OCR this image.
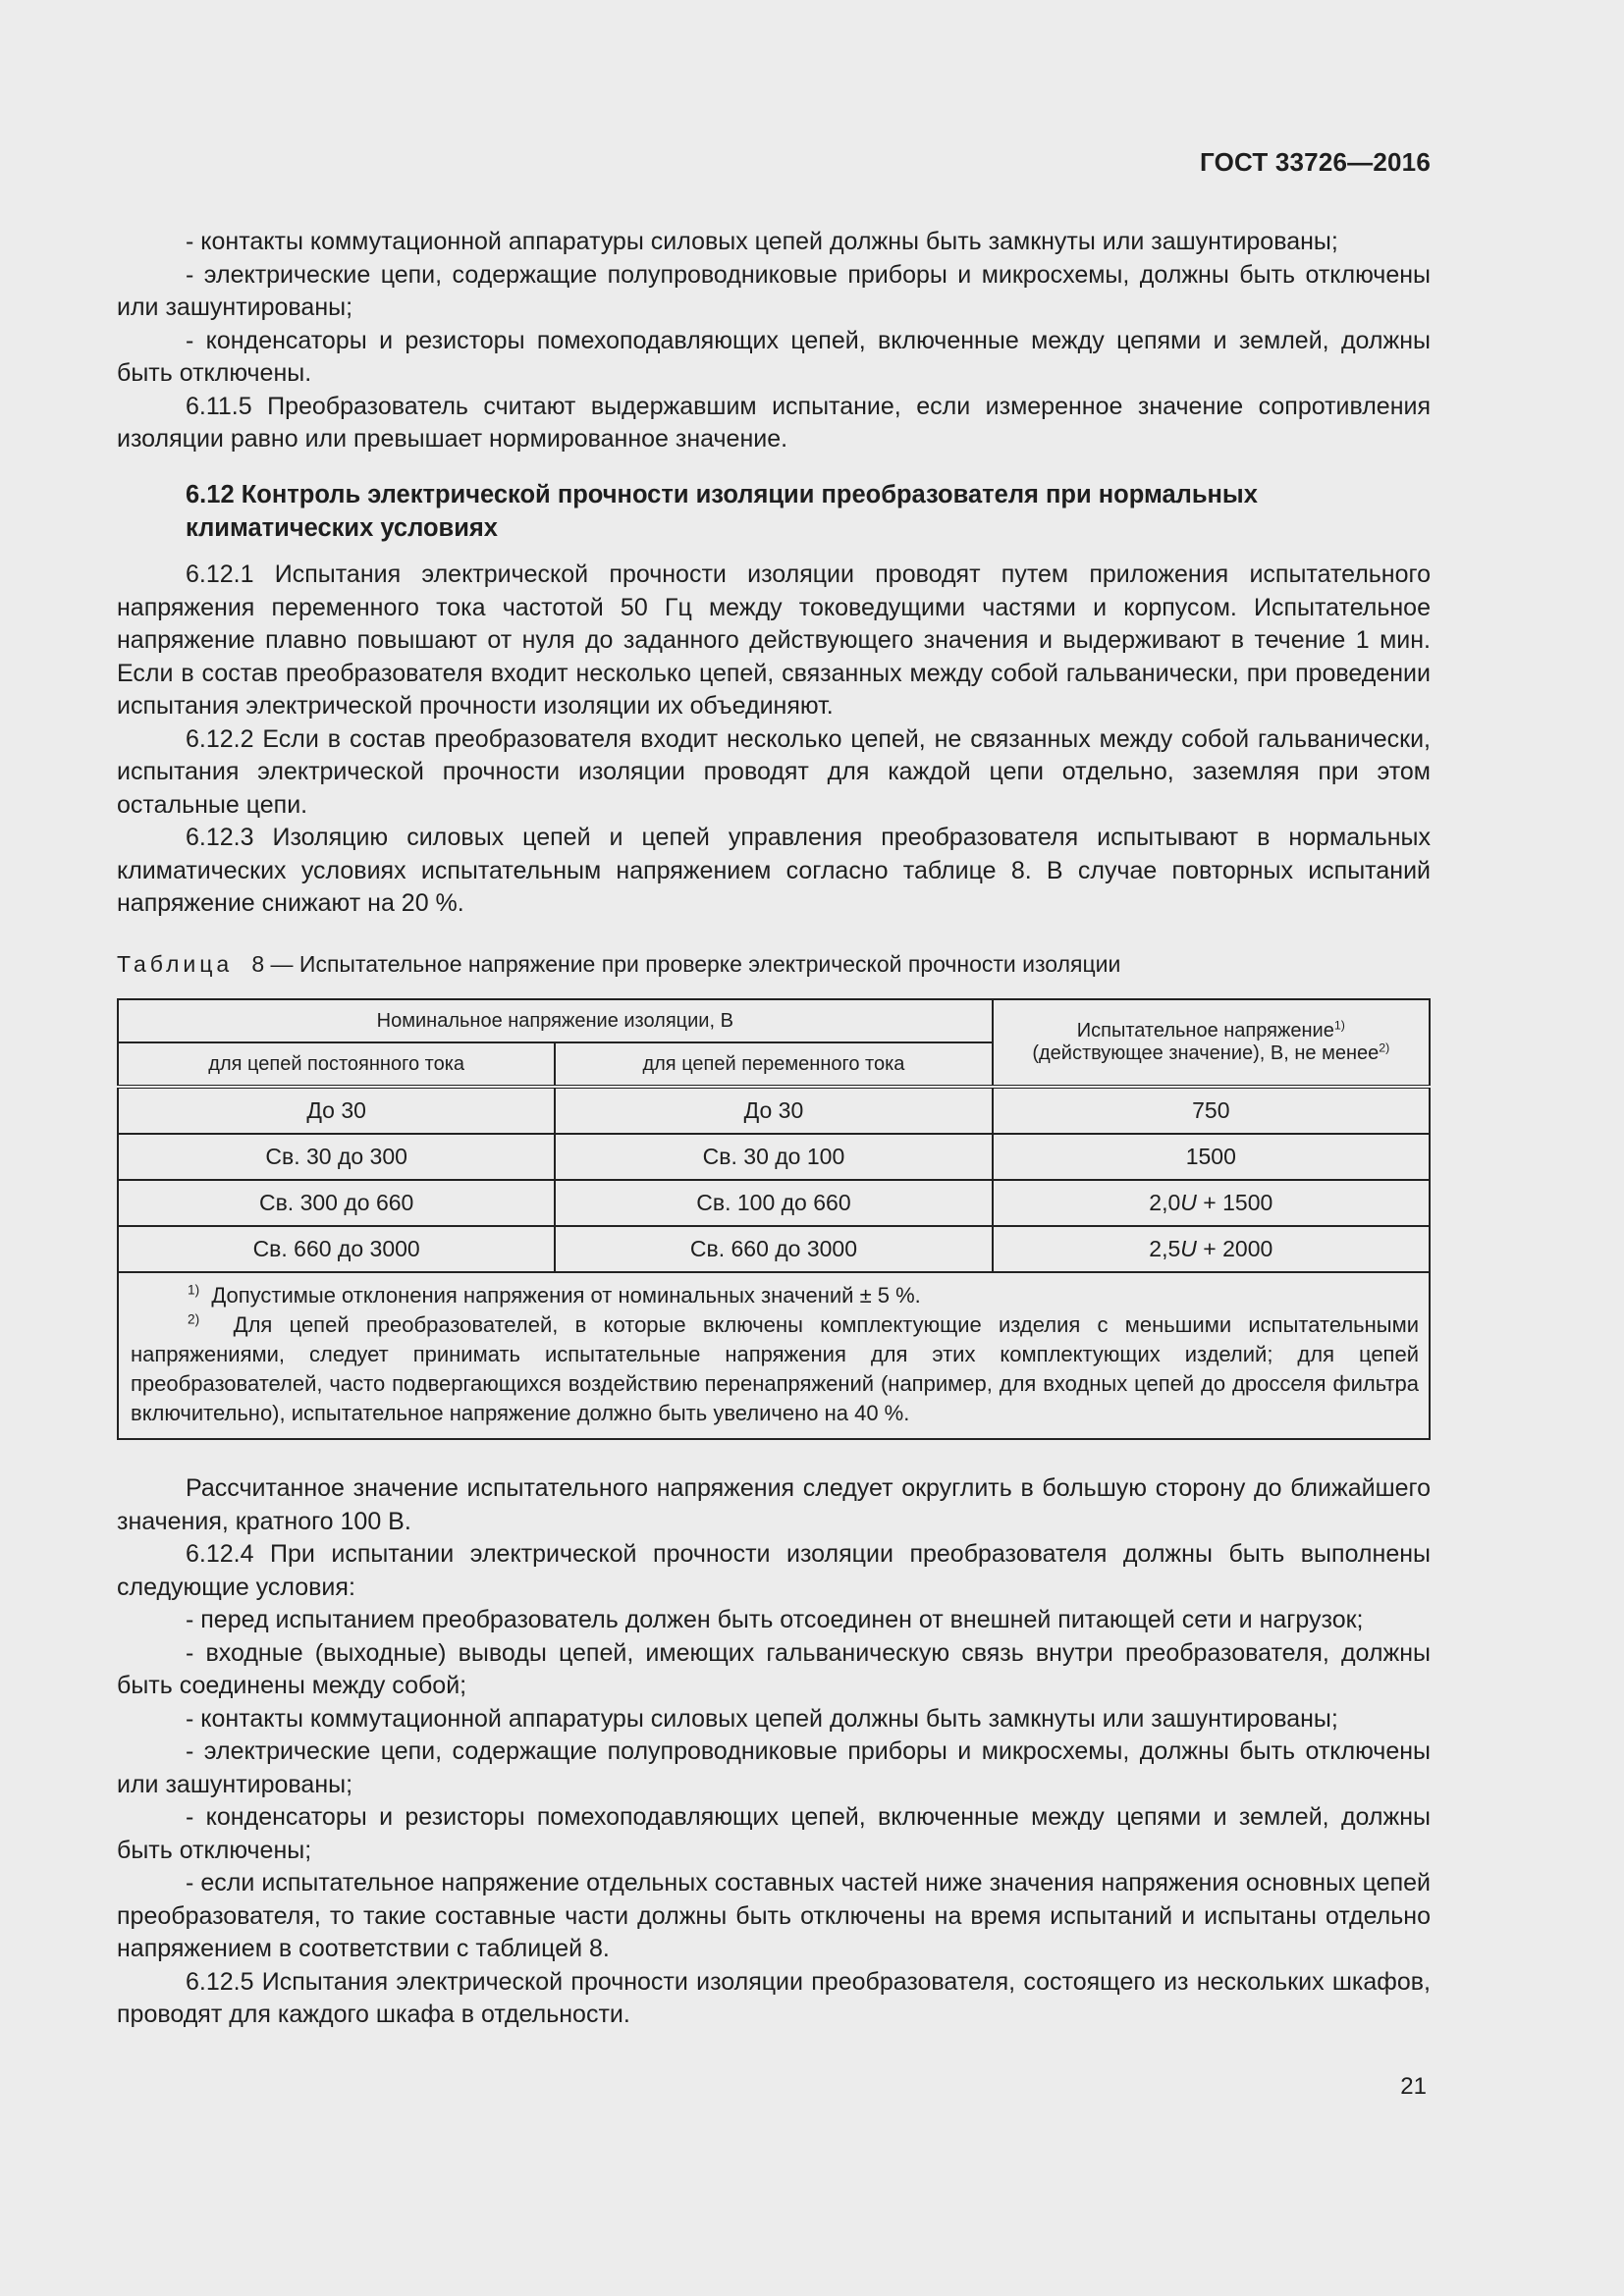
ГОСТ 33726—2016

- контакты коммутационной аппаратуры силовых цепей должны быть замкнуты или зашунтированы;

- электрические цепи, содержащие полупроводниковые приборы и микросхемы, должны быть отключены или зашунтированы;

- конденсаторы и резисторы помехоподавляющих цепей, включенные между цепями и землей, должны быть отключены.

6.11.5 Преобразователь считают выдержавшим испытание, если измеренное значение сопротивления изоляции равно или превышает нормированное значение.

6.12 Контроль электрической прочности изоляции преобразователя при нормальных климатических условиях

6.12.1 Испытания электрической прочности изоляции проводят путем приложения испытательного напряжения переменного тока частотой 50 Гц между токоведущими частями и корпусом. Испытательное напряжение плавно повышают от нуля до заданного действующего значения и выдерживают в течение 1 мин. Если в состав преобразователя входит несколько цепей, связанных между собой гальванически, при проведении испытания электрической прочности изоляции их объединяют.

6.12.2 Если в состав преобразователя входит несколько цепей, не связанных между собой гальванически, испытания электрической прочности изоляции проводят для каждой цепи отдельно, заземляя при этом остальные цепи.

6.12.3 Изоляцию силовых цепей и цепей управления преобразователя испытывают в нормальных климатических условиях испытательным напряжением согласно таблице 8. В случае повторных испытаний напряжение снижают на 20 %.

Таблица 8 — Испытательное напряжение при проверке электрической прочности изоляции
Номинальное напряжение изоляции, В		Испытательное напряжение$^{1)}$
(действующее значение), В, не менее$^{2)}$
для цепей постоянного тока	для цепей переменного тока	
До 30	До 30	750
Св. 30 до 300	Св. 30 до 100	1500
Св. 300 до 660	Св. 100 до 660	2,0U + 1500
Св. 660 до 3000	Св. 660 до 3000	2,5U + 2000

$^{1)}$ Допустимые отклонения напряжения от номинальных значений ± 5 %.

$^{2)}$ Для цепей преобразователей, в которые включены комплектующие изделия с меньшими испытательными напряжениями, следует принимать испытательные напряжения для этих комплектующих изделий; для цепей преобразователей, часто подвергающихся воздействию перенапряжений (например, для входных цепей до дросселя фильтра включительно), испытательное напряжение должно быть увеличено на 40 %.		

Рассчитанное значение испытательного напряжения следует округлить в большую сторону до ближайшего значения, кратного 100 В.

6.12.4 При испытании электрической прочности изоляции преобразователя должны быть выполнены следующие условия:

- перед испытанием преобразователь должен быть отсоединен от внешней питающей сети и нагрузок;

- входные (выходные) выводы цепей, имеющих гальваническую связь внутри преобразователя, должны быть соединены между собой;

- контакты коммутационной аппаратуры силовых цепей должны быть замкнуты или зашунтированы;

- электрические цепи, содержащие полупроводниковые приборы и микросхемы, должны быть отключены или зашунтированы;

- конденсаторы и резисторы помехоподавляющих цепей, включенные между цепями и землей, должны быть отключены;

- если испытательное напряжение отдельных составных частей ниже значения напряжения основных цепей преобразователя, то такие составные части должны быть отключены на время испытаний и испытаны отдельно напряжением в соответствии с таблицей 8.

6.12.5 Испытания электрической прочности изоляции преобразователя, состоящего из нескольких шкафов, проводят для каждого шкафа в отдельности.

21
